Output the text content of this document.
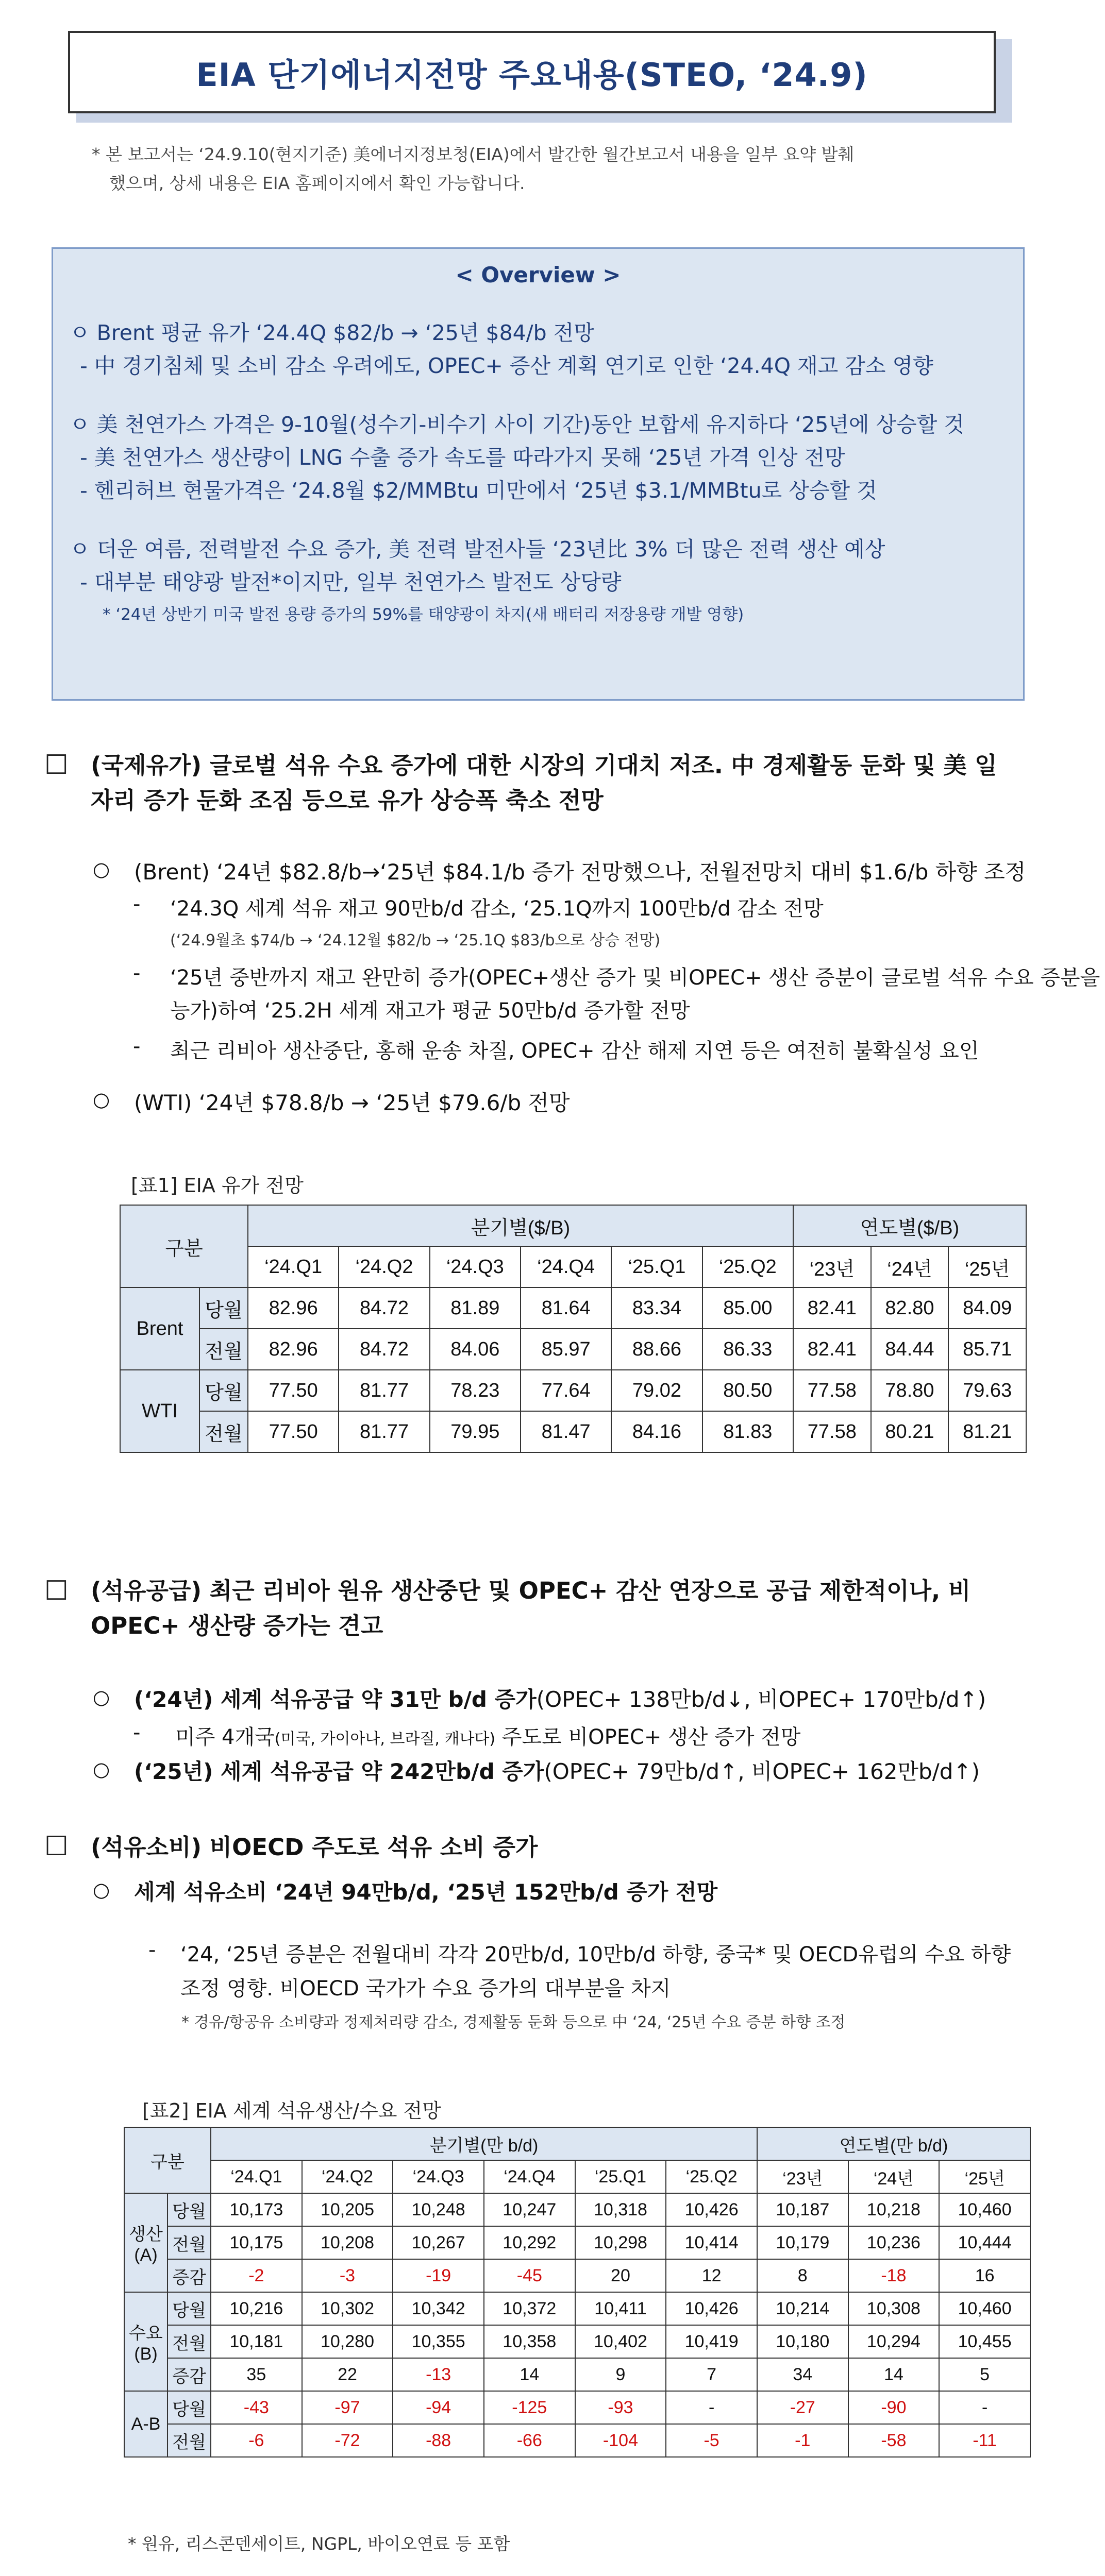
EIA 단기에너지전망 주요내용(STEO, ‘24.9)
* 본 보고서는 ‘24.9.10(현지기준) 美에너지정보청(EIA)에서 발간한 월간보고서 내용을 일부 요약 발췌
했으며, 상세 내용은 EIA 홈페이지에서 확인 가능합니다.
< Overview >
ㅇ Brent 평균 유가 ‘24.4Q $82/b → ‘25년 $84/b 전망
- 中 경기침체 및 소비 감소 우려에도, OPEC+ 증산 계획 연기로 인한 ‘24.4Q 재고 감소 영향
ㅇ 美 천연가스 가격은 9-10월(성수기-비수기 사이 기간)동안 보합세 유지하다 ‘25년에 상승할 것
- 美 천연가스 생산량이 LNG 수출 증가 속도를 따라가지 못해 ‘25년 가격 인상 전망
- 헨리허브 현물가격은 ‘24.8월 $2/MMBtu 미만에서 ‘25년 $3.1/MMBtu로 상승할 것
ㅇ 더운 여름, 전력발전 수요 증가, 美 전력 발전사들 ‘23년比 3% 더 많은 전력 생산 예상
- 대부분 태양광 발전*이지만, 일부 천연가스 발전도 상당량
* ‘24년 상반기 미국 발전 용량 증가의 59%를 태양광이 차지(새 배터리 저장용량 개발 영향)
☐ (국제유가) 글로벌 석유 수요 증가에 대한 시장의 기대치 저조. 中 경제활동 둔화 및 美 일
자리 증가 둔화 조짐 등으로 유가 상승폭 축소 전망
○ (Brent) ‘24년 $82.8/b→‘25년 $84.1/b 증가 전망했으나, 전월전망치 대비 $1.6/b 하향 조정
- ‘24.3Q 세계 석유 재고 90만b/d 감소, ‘25.1Q까지 100만b/d 감소 전망
(‘24.9월초 $74/b → ‘24.12월 $82/b → ‘25.1Q $83/b으로 상승 전망)
- ‘25년 중반까지 재고 완만히 증가(OPEC+생산 증가 및 비OPEC+ 생산 증분이 글로벌 석유 수요 증분을
능가)하여 ‘25.2H 세계 재고가 평균 50만b/d 증가할 전망
- 최근 리비아 생산중단, 홍해 운송 차질, OPEC+ 감산 해제 지연 등은 여전히 불확실성 요인
○ (WTI) ‘24년 $78.8/b → ‘25년 $79.6/b 전망
[표1] EIA 유가 전망
구분		분기별($/B)						연도별($/B)		
		‘24.Q1	‘24.Q2	‘24.Q3	‘24.Q4	‘25.Q1	‘25.Q2	‘23년	‘24년	‘25년
Brent	당월	82.96	84.72	81.89	81.64	83.34	85.00	82.41	82.80	84.09
	전월	82.96	84.72	84.06	85.97	88.66	86.33	82.41	84.44	85.71
WTI	당월	77.50	81.77	78.23	77.64	79.02	80.50	77.58	78.80	79.63
	전월	77.50	81.77	79.95	81.47	84.16	81.83	77.58	80.21	81.21
☐ (석유공급) 최근 리비아 원유 생산중단 및 OPEC+ 감산 연장으로 공급 제한적이나, 비
OPEC+ 생산량 증가는 견고
○ (‘24년) 세계 석유공급 약 31만 b/d 증가(OPEC+ 138만b/d↓, 비OPEC+ 170만b/d↑)
- 미주 4개국(미국, 가이아나, 브라질, 캐나다) 주도로 비OPEC+ 생산 증가 전망
○ (‘25년) 세계 석유공급 약 242만b/d 증가(OPEC+ 79만b/d↑, 비OPEC+ 162만b/d↑)
☐ (석유소비) 비OECD 주도로 석유 소비 증가
○ 세계 석유소비 ‘24년 94만b/d, ‘25년 152만b/d 증가 전망
- ‘24, ‘25년 증분은 전월대비 각각 20만b/d, 10만b/d 하향, 중국* 및 OECD유럽의 수요 하향
조정 영향. 비OECD 국가가 수요 증가의 대부분을 차지
* 경유/항공유 소비량과 정제처리량 감소, 경제활동 둔화 등으로 中 ‘24, ‘25년 수요 증분 하향 조정
[표2] EIA 세계 석유생산/수요 전망
구분		분기별(만 b/d)						연도별(만 b/d)		
		‘24.Q1	‘24.Q2	‘24.Q3	‘24.Q4	‘25.Q1	‘25.Q2	‘23년	‘24년	‘25년
생산
(A)	당월	10,173	10,205	10,248	10,247	10,318	10,426	10,187	10,218	10,460
	전월	10,175	10,208	10,267	10,292	10,298	10,414	10,179	10,236	10,444
	증감	-2	-3	-19	-45	20	12	8	-18	16
수요
(B)	당월	10,216	10,302	10,342	10,372	10,411	10,426	10,214	10,308	10,460
	전월	10,181	10,280	10,355	10,358	10,402	10,419	10,180	10,294	10,455
	증감	35	22	-13	14	9	7	34	14	5
A-B	당월	-43	-97	-94	-125	-93	-	-27	-90	-
	전월	-6	-72	-88	-66	-104	-5	-1	-58	-11
* 원유, 리스콘덴세이트, NGPL, 바이오연료 등 포함
